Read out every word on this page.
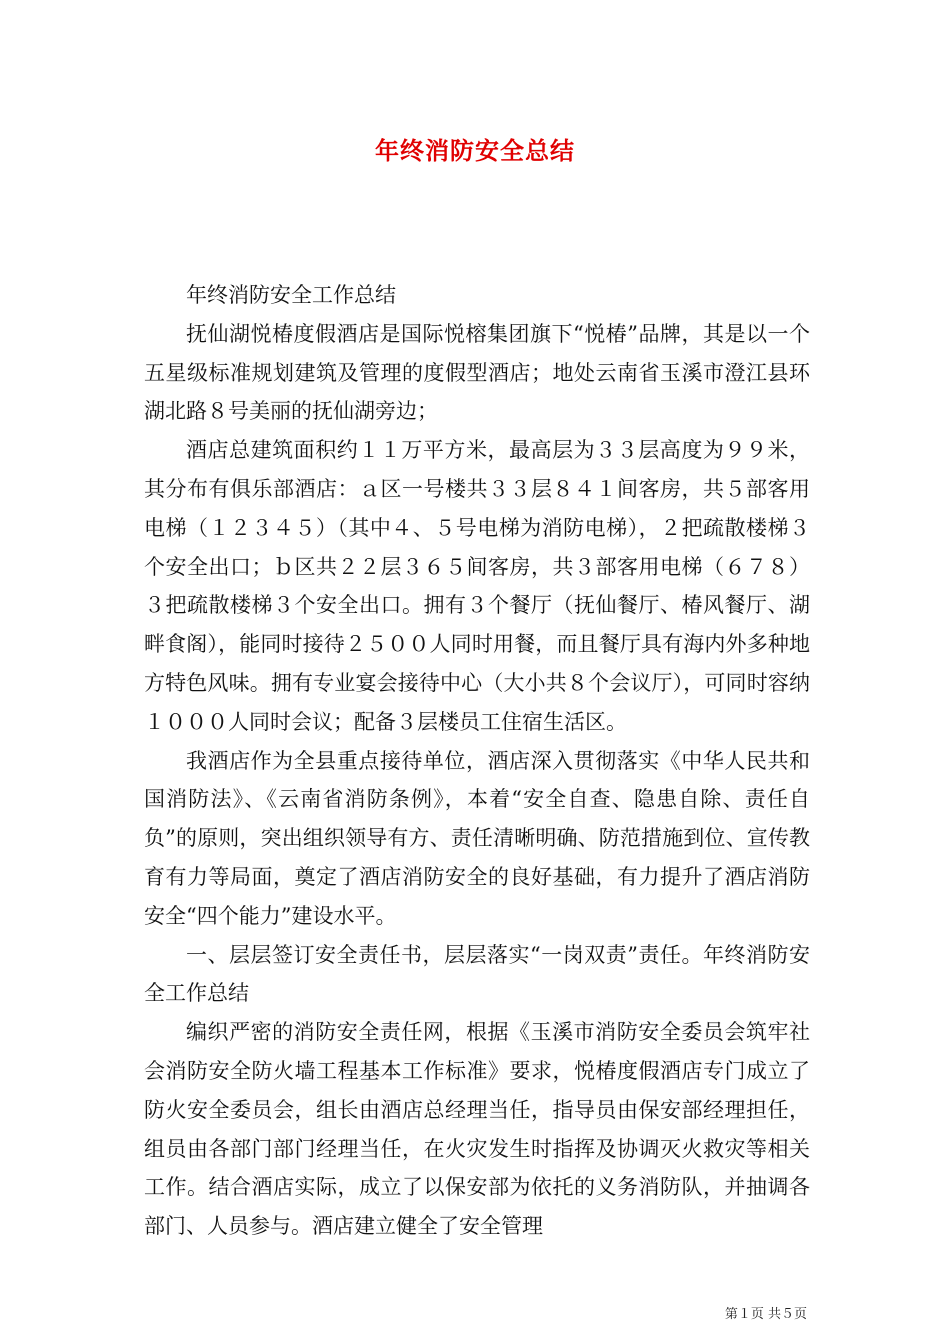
年终消防安全总结

年终消防安全工作总结

抚仙湖悦椿度假酒店是国际悦榕集团旗下“悦椿”品牌，其是以一个五星级标准规划建筑及管理的度假型酒店；地处云南省玉溪市澄江县环湖北路８号美丽的抚仙湖旁边；

酒店总建筑面积约１１万平方米，最高层为３３层高度为９９米，其分布有俱乐部酒店：ａ区一号楼共３３层８４１间客房，共５部客用电梯（１２３４５）（其中４、５号电梯为消防电梯），２把疏散楼梯３个安全出口；ｂ区共２２层３６５间客房，共３部客用电梯（６７８）３把疏散楼梯３个安全出口。拥有３个餐厅（抚仙餐厅、椿风餐厅、湖畔食阁），能同时接待２５００人同时用餐，而且餐厅具有海内外多种地方特色风味。拥有专业宴会接待中心（大小共８个会议厅），可同时容纳１０００人同时会议；配备３层楼员工住宿生活区。

我酒店作为全县重点接待单位，酒店深入贯彻落实《中华人民共和国消防法》、《云南省消防条例》，本着“安全自查、隐患自除、责任自负”的原则，突出组织领导有方、责任清晰明确、防范措施到位、宣传教育有力等局面，奠定了酒店消防安全的良好基础，有力提升了酒店消防安全“四个能力”建设水平。

一、层层签订安全责任书，层层落实“一岗双责”责任。年终消防安全工作总结

编织严密的消防安全责任网，根据《玉溪市消防安全委员会筑牢社会消防安全防火墙工程基本工作标准》要求，悦椿度假酒店专门成立了防火安全委员会，组长由酒店总经理当任，指导员由保安部经理担任，组员由各部门部门经理当任，在火灾发生时指挥及协调灭火救灾等相关工作。结合酒店实际，成立了以保安部为依托的义务消防队，并抽调各部门、人员参与。酒店建立健全了安全管理

第１页 共５页
